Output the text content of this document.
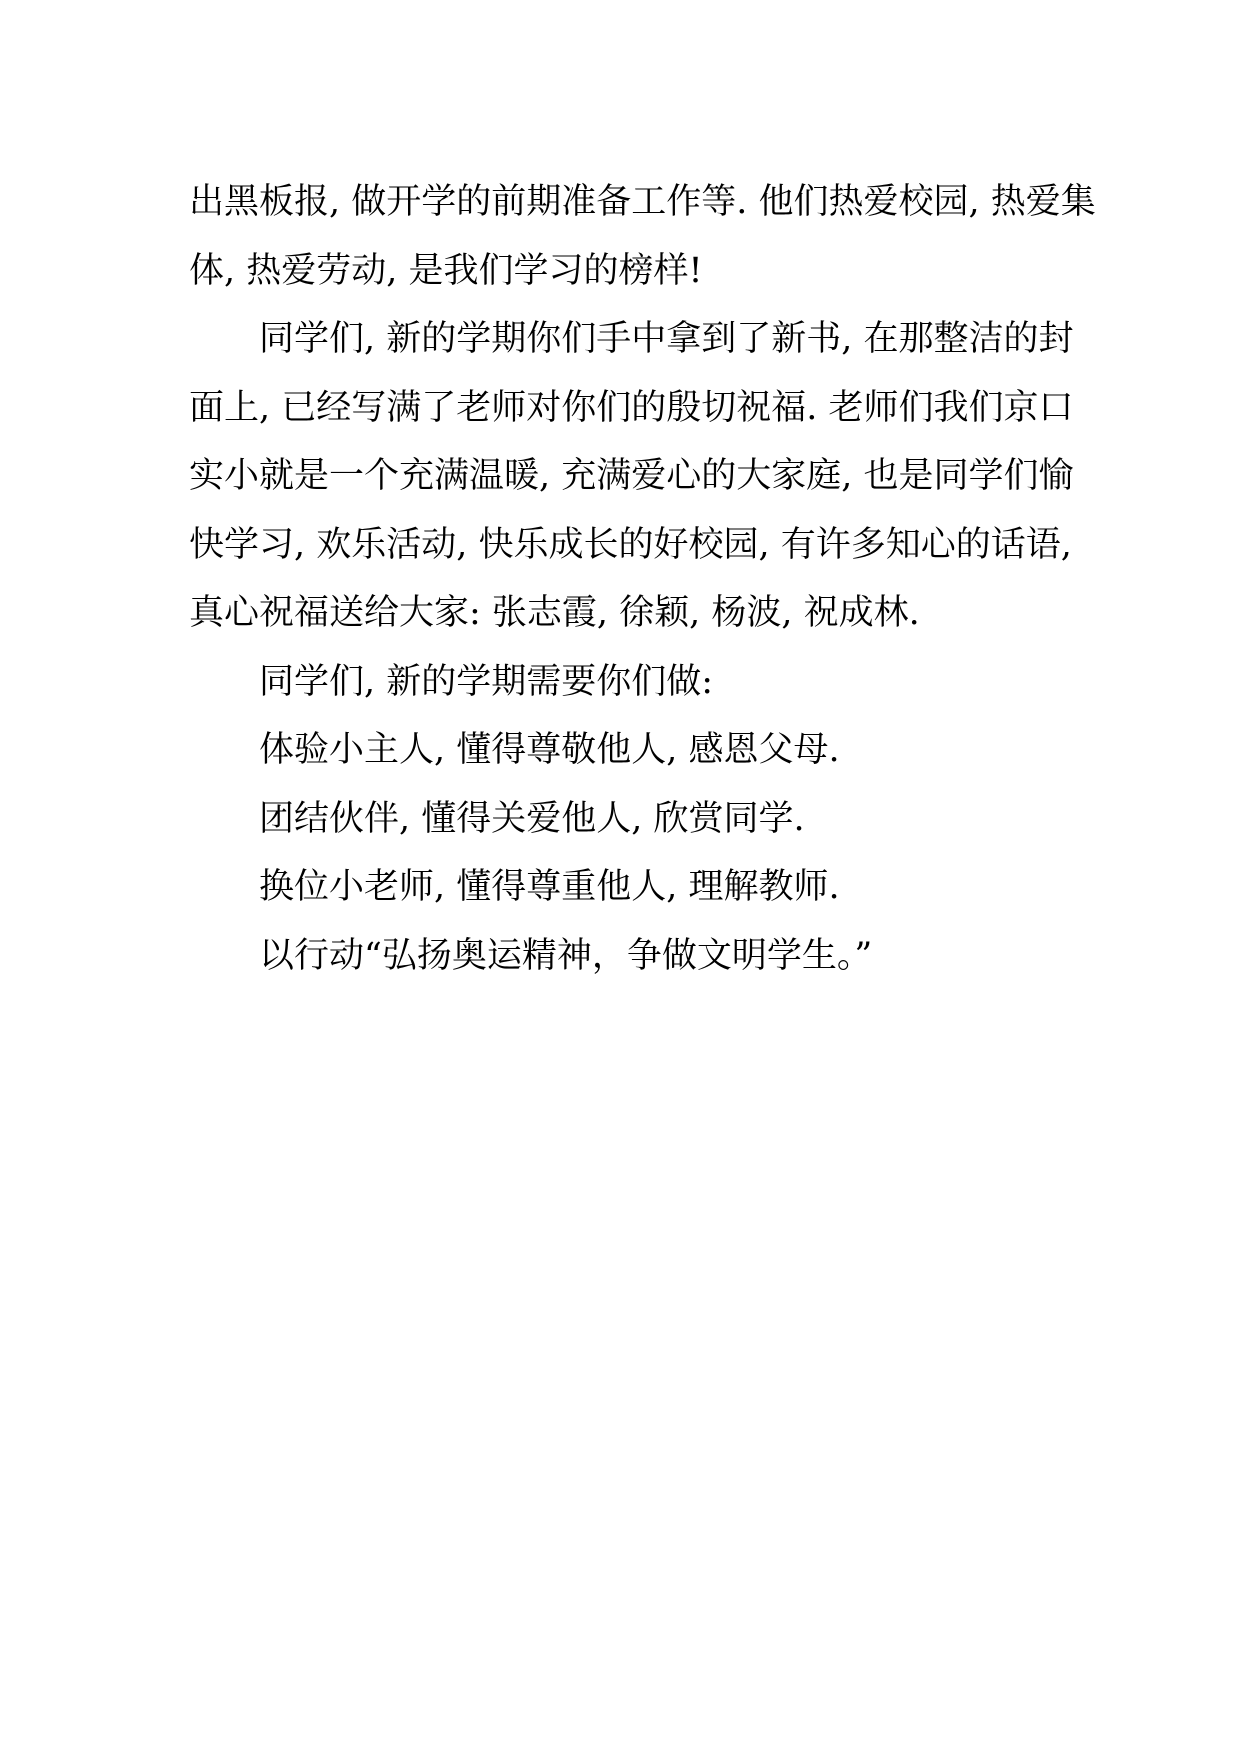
出黑板报, 做开学的前期准备工作等. 他们热爱校园, 热爱集
体, 热爱劳动, 是我们学习的榜样!

同学们, 新的学期你们手中拿到了新书, 在那整洁的封
面上, 已经写满了老师对你们的殷切祝福. 老师们我们京口
实小就是一个充满温暖, 充满爱心的大家庭, 也是同学们愉
快学习, 欢乐活动, 快乐成长的好校园, 有许多知心的话语,
真心祝福送给大家: 张志霞, 徐颖, 杨波, 祝成林.

同学们, 新的学期需要你们做:

体验小主人, 懂得尊敬他人, 感恩父母.

团结伙伴, 懂得关爱他人, 欣赏同学.

换位小老师, 懂得尊重他人, 理解教师.

以行动“弘扬奥运精神，争做文明学生。”
